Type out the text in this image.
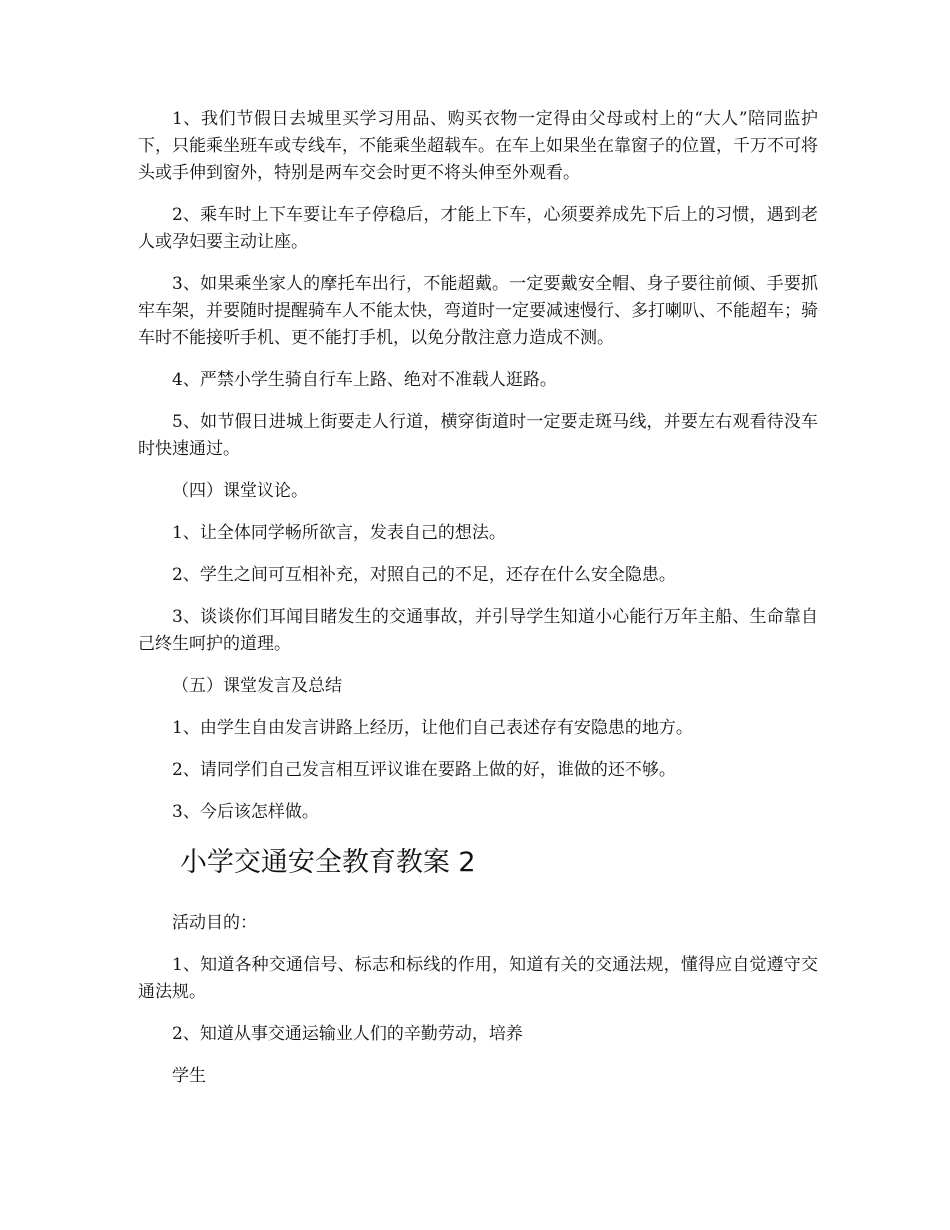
1、我们节假日去城里买学习用品、购买衣物一定得由父母或村上的“大人”陪同监护下，只能乘坐班车或专线车，不能乘坐超载车。在车上如果坐在靠窗子的位置，千万不可将头或手伸到窗外，特别是两车交会时更不将头伸至外观看。

2、乘车时上下车要让车子停稳后，才能上下车，心须要养成先下后上的习惯，遇到老人或孕妇要主动让座。

3、如果乘坐家人的摩托车出行，不能超戴。一定要戴安全帽、身子要往前倾、手要抓牢车架，并要随时提醒骑车人不能太快，弯道时一定要减速慢行、多打喇叭、不能超车；骑车时不能接听手机、更不能打手机，以免分散注意力造成不测。

4、严禁小学生骑自行车上路、绝对不准载人逛路。

5、如节假日进城上街要走人行道，横穿街道时一定要走斑马线，并要左右观看待没车时快速通过。

（四）课堂议论。

1、让全体同学畅所欲言，发表自己的想法。

2、学生之间可互相补充，对照自己的不足，还存在什么安全隐患。

3、谈谈你们耳闻目睹发生的交通事故，并引导学生知道小心能行万年主船、生命靠自己终生呵护的道理。

（五）课堂发言及总结

1、由学生自由发言讲路上经历，让他们自己表述存有安隐患的地方。

2、请同学们自己发言相互评议谁在要路上做的好，谁做的还不够。

3、今后该怎样做。

小学交通安全教育教案 2

活动目的：

1、知道各种交通信号、标志和标线的作用，知道有关的交通法规，懂得应自觉遵守交通法规。

2、知道从事交通运输业人们的辛勤劳动，培养

学生
